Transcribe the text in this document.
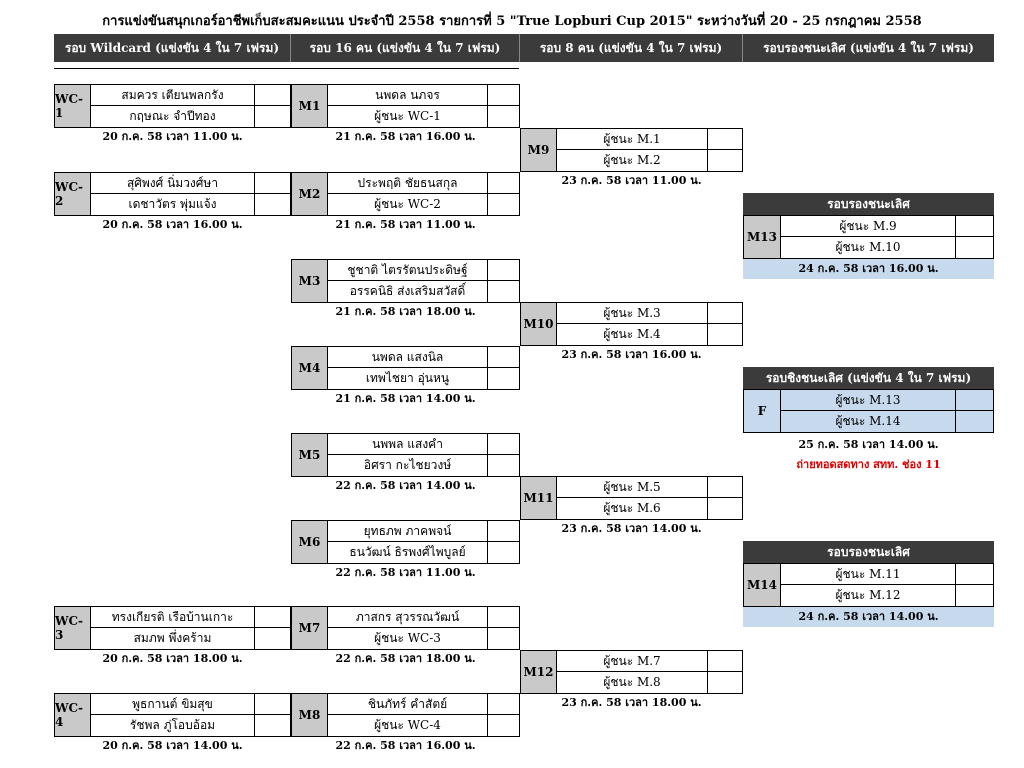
การแข่งขันสนุกเกอร์อาชีพเก็บสะสมคะแนน ประจำปี 2558 รายการที่ 5 "True Lopburi Cup 2015" ระหว่างวันที่ 20 - 25 กรกฎาคม 2558
รอบ Wildcard (แข่งขัน 4 ใน 7 เฟรม)	รอบ 16 คน (แข่งขัน 4 ใน 7 เฟรม)	รอบ 8 คน (แข่งขัน 4 ใน 7 เฟรม)	รอบรองชนะเลิศ (แข่งขัน 4 ใน 7 เฟรม)
WC-1
สมควร เตียนพลกรัง
กฤษณะ จำปีทอง
20 ก.ค. 58 เวลา 11.00 น.
WC-2
สุศิพงศ์ นิ่มวงศ์ษา
เดชาวัตร พุ่มแจ้ง
20 ก.ค. 58 เวลา 16.00 น.
WC-3
ทรงเกียรติ เรือบ้านเกาะ
สมภพ พึ่งคร้าม
20 ก.ค. 58 เวลา 18.00 น.
WC-4
พูธกานต์ ขิมสุข
รัชพล ภู่โอบอ้อม
20 ก.ค. 58 เวลา 14.00 น.
M1
นพดล นภจร
ผู้ชนะ WC-1
21 ก.ค. 58 เวลา 16.00 น.
M2
ประพฤติ ชัยธนสกุล
ผู้ชนะ WC-2
21 ก.ค. 58 เวลา 11.00 น.
M3
ชูชาติ ไตรรัตนประดิษฐ์
อรรคนิธิ ส่งเสริมสวัสดิ์
21 ก.ค. 58 เวลา 18.00 น.
M4
นพดล แสงนิล
เทพไชยา อุ่นหนู
21 ก.ค. 58 เวลา 14.00 น.
M5
นพพล แสงคำ
อิศรา กะไชยวงษ์
22 ก.ค. 58 เวลา 14.00 น.
M6
ยุทธภพ ภาคพจน์
ธนวัฒน์ ธิรพงศ์ไพบูลย์
22 ก.ค. 58 เวลา 11.00 น.
M7
ภาสกร สุวรรณวัฒน์
ผู้ชนะ WC-3
22 ก.ค. 58 เวลา 18.00 น.
M8
ชินภัทร์ คำสัตย์
ผู้ชนะ WC-4
22 ก.ค. 58 เวลา 16.00 น.
M9
ผู้ชนะ M.1
ผู้ชนะ M.2
23 ก.ค. 58 เวลา 11.00 น.
M10
ผู้ชนะ M.3
ผู้ชนะ M.4
23 ก.ค. 58 เวลา 16.00 น.
M11
ผู้ชนะ M.5
ผู้ชนะ M.6
23 ก.ค. 58 เวลา 14.00 น.
M12
ผู้ชนะ M.7
ผู้ชนะ M.8
23 ก.ค. 58 เวลา 18.00 น.
รอบรองชนะเลิศ
M13
ผู้ชนะ M.9
ผู้ชนะ M.10
24 ก.ค. 58 เวลา 16.00 น.
รอบรองชนะเลิศ
M14
ผู้ชนะ M.11
ผู้ชนะ M.12
24 ก.ค. 58 เวลา 14.00 น.
รอบชิงชนะเลิศ (แข่งขัน 4 ใน 7 เฟรม)
F
ผู้ชนะ M.13
ผู้ชนะ M.14
25 ก.ค. 58 เวลา 14.00 น.
ถ่ายทอดสดทาง สทท. ช่อง 11
